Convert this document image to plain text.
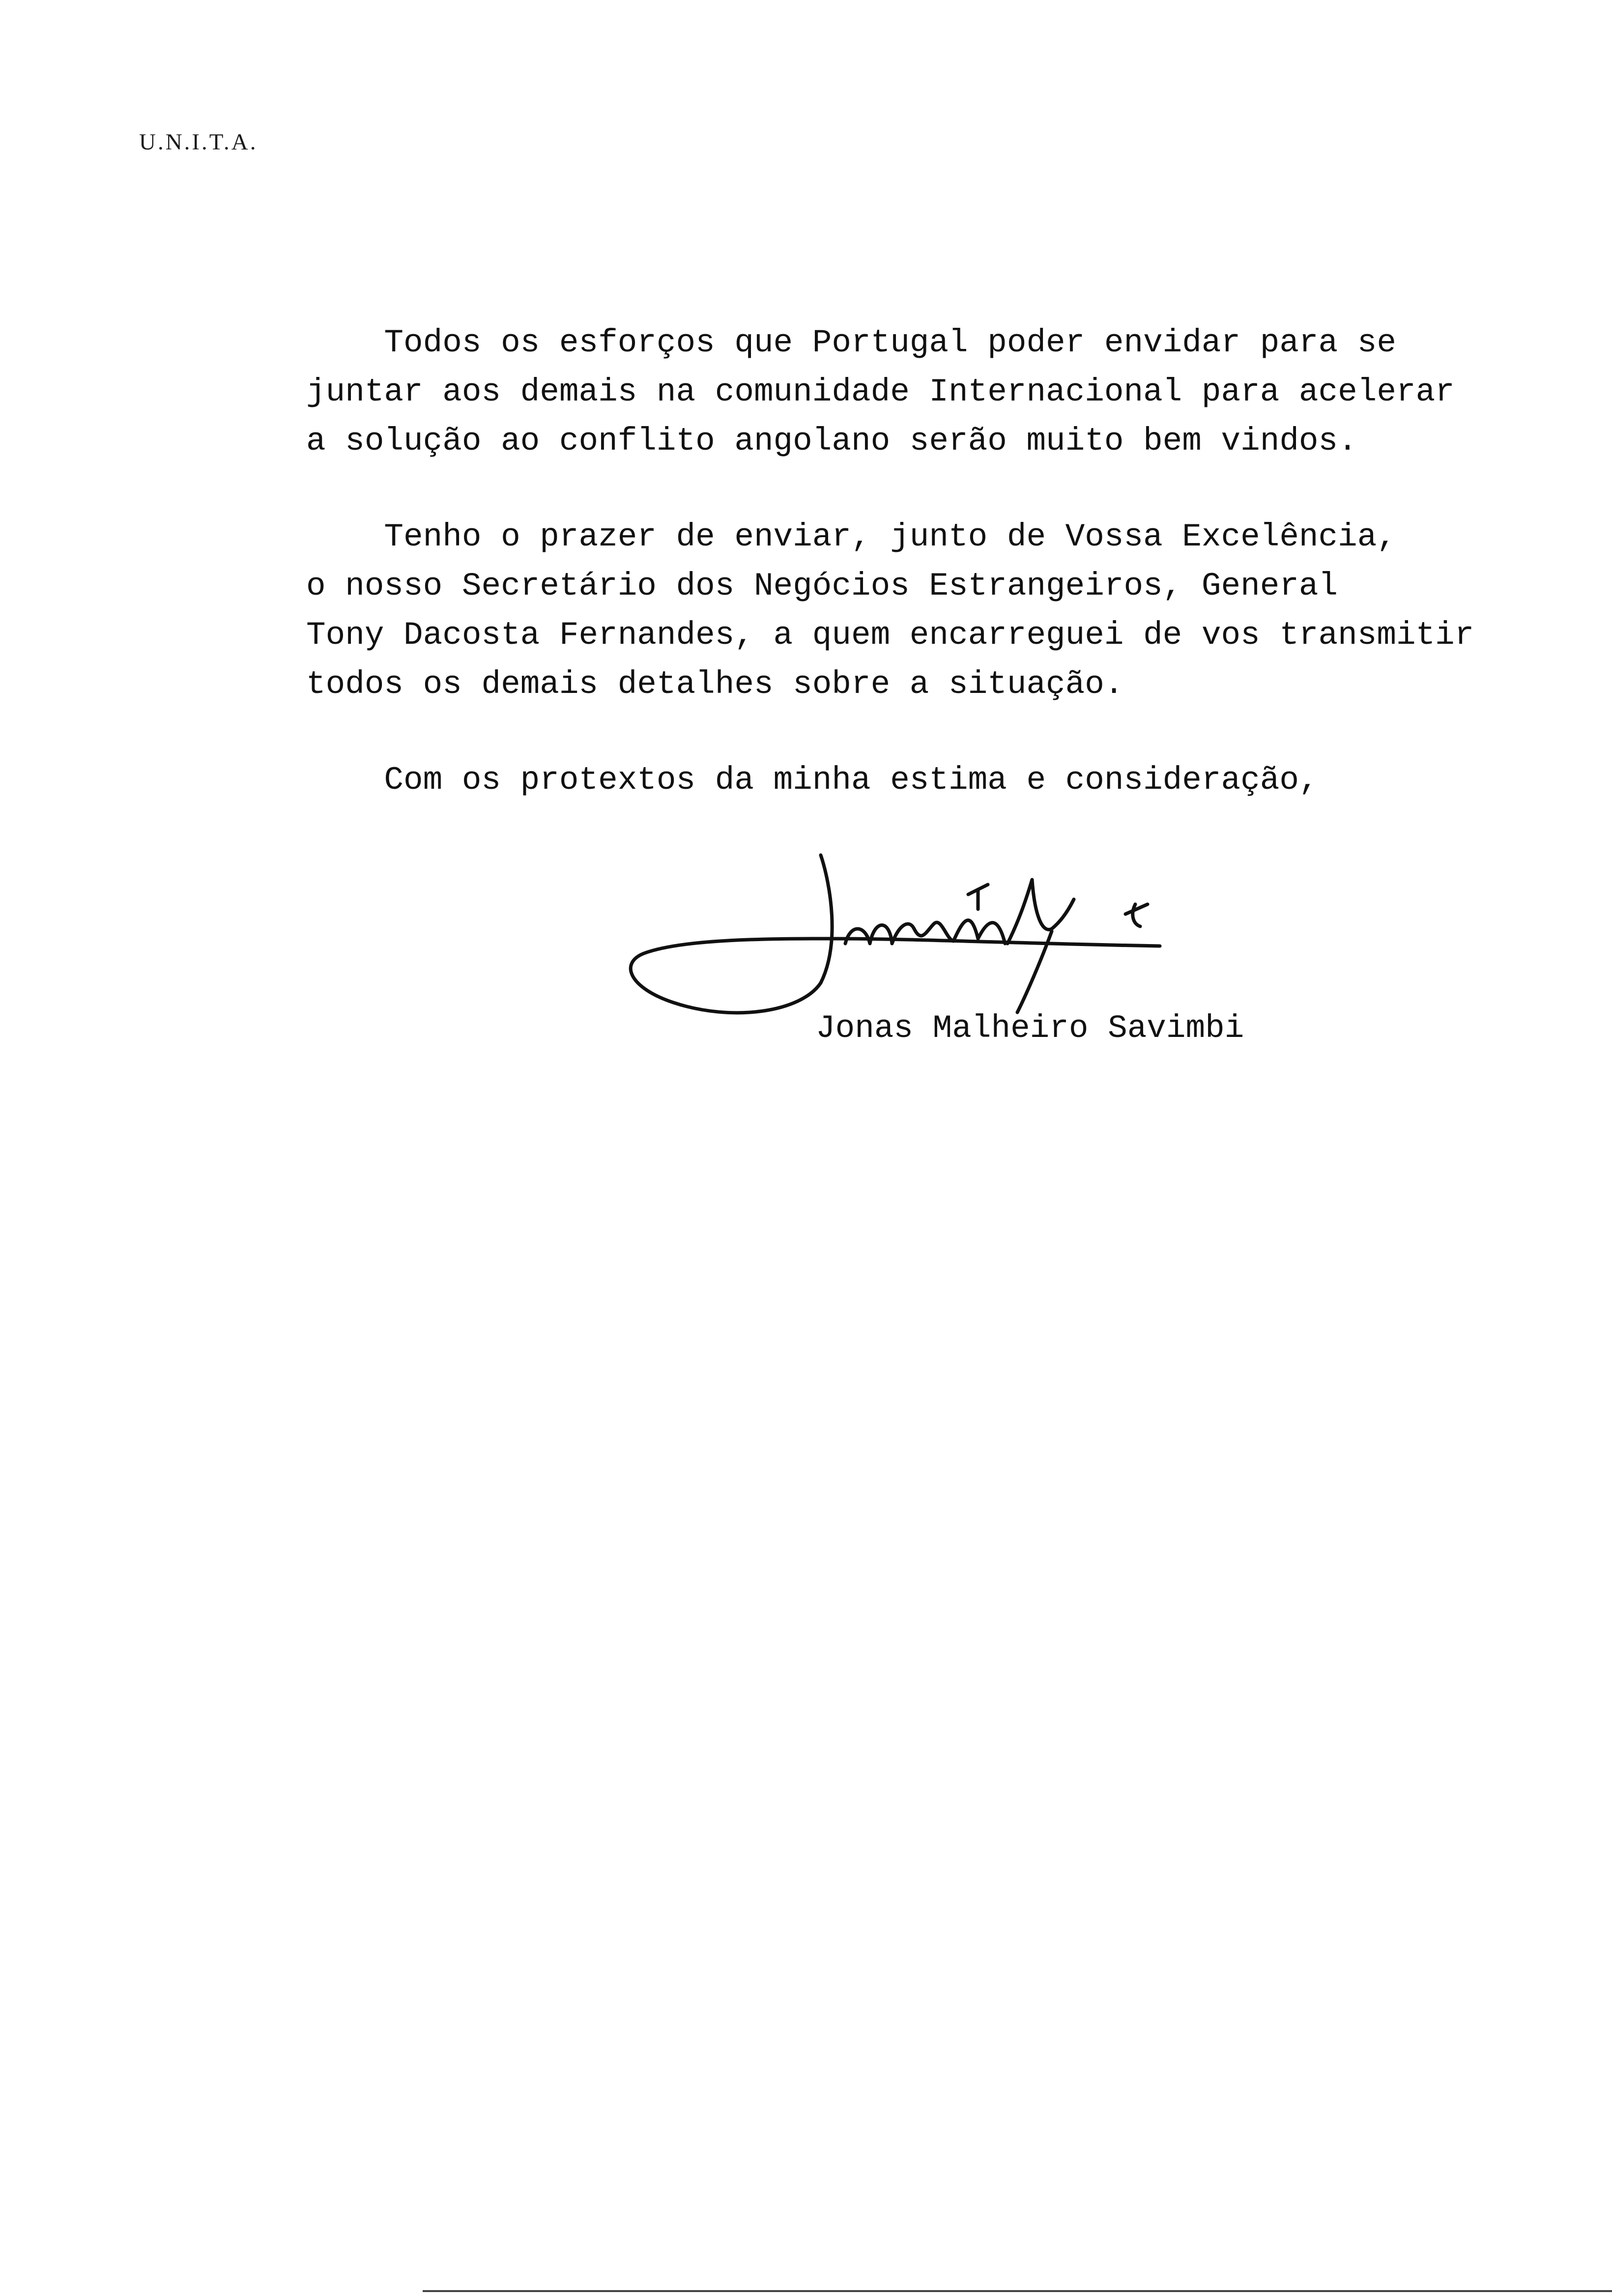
U.N.I.T.A.
Todos os esforços que Portugal poder envidar para se
juntar aos demais na comunidade Internacional para acelerar
a solução ao conflito angolano serão muito bem vindos.
Tenho o prazer de enviar, junto de Vossa Excelência,
o nosso Secretário dos Negócios Estrangeiros, General
Tony Dacosta Fernandes, a quem encarreguei de vos transmitir
todos os demais detalhes sobre a situação.
Com os protextos da minha estima e consideração,
Jonas Malheiro Savimbi
